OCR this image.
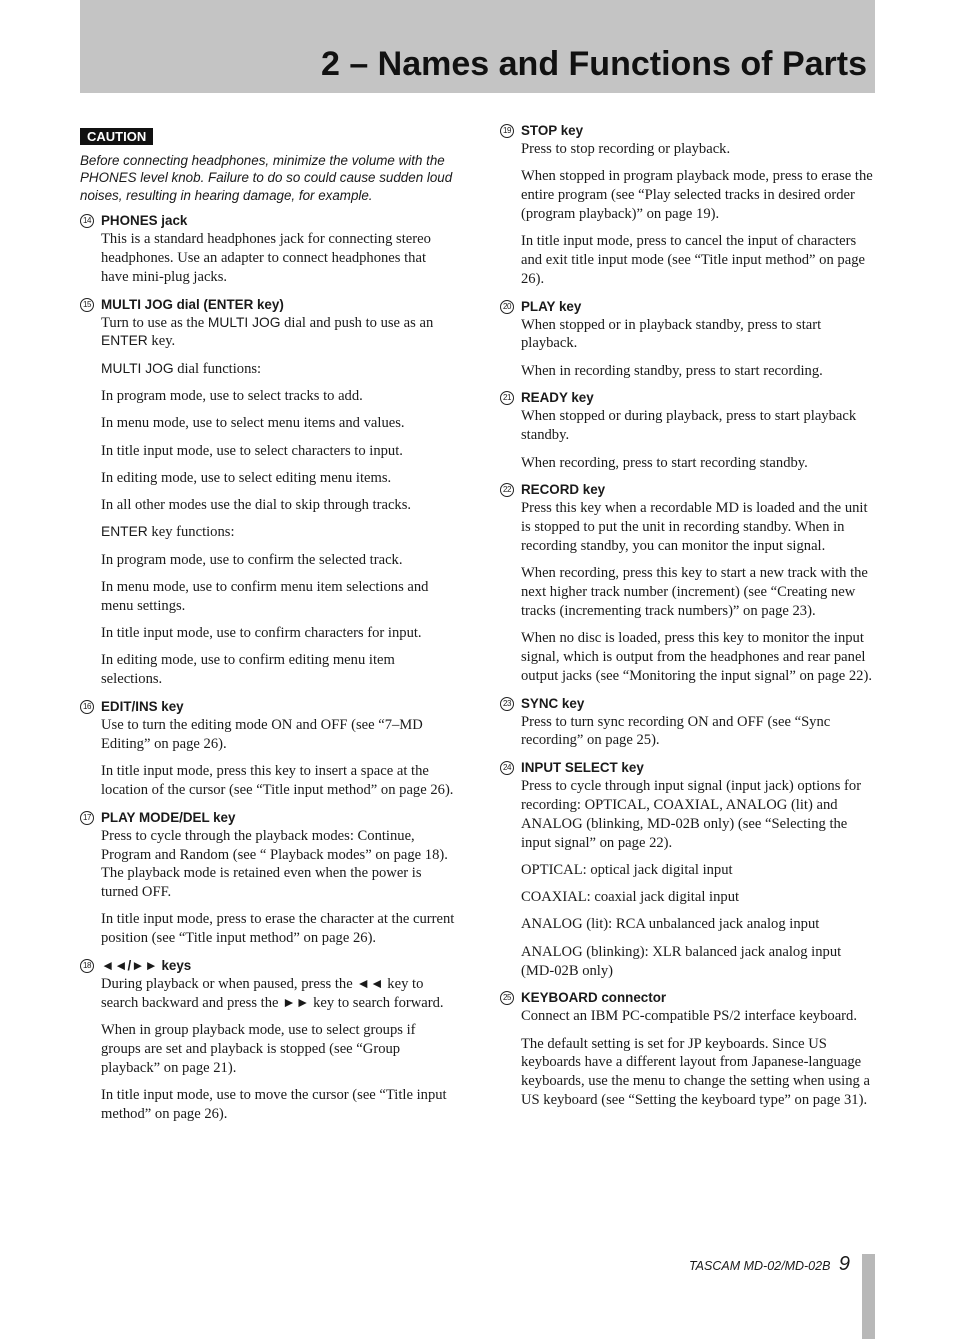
2 – Names and Functions of Parts
CAUTION

Before connecting headphones, minimize the volume with the PHONES level knob. Failure to do so could cause sudden loud noises, resulting in hearing damage, for example.

14 PHONES jack

This is a standard headphones jack for connecting stereo headphones. Use an adapter to connect headphones that have mini-plug jacks.

15 MULTI JOG dial (ENTER key)

Turn to use as the MULTI JOG dial and push to use as an ENTER key.

MULTI JOG dial functions:

In program mode, use to select tracks to add.

In menu mode, use to select menu items and values.

In title input mode, use to select characters to input.

In editing mode, use to select editing menu items.

In all other modes use the dial to skip through tracks.

ENTER key functions:

In program mode, use to confirm the selected track.

In menu mode, use to confirm menu item selections and menu settings.

In title input mode, use to confirm characters for input.

In editing mode, use to confirm editing menu item selections.

16 EDIT/INS key

Use to turn the editing mode ON and OFF (see “7–MD Editing” on page 26).

In title input mode, press this key to insert a space at the location of the cursor (see “Title input method” on page 26).

17 PLAY MODE/DEL key

Press to cycle through the playback modes: Continue, Program and Random (see “ Playback modes” on page 18). The playback mode is retained even when the power is turned OFF.

In title input mode, press to erase the character at the current position (see “Title input method” on page 26).

18 ◄◄/►► keys

During playback or when paused, press the ◄◄ key to search backward and press the ►► key to search forward.

When in group playback mode, use to select groups if groups are set and playback is stopped (see “Group playback” on page 21).

In title input mode, use to move the cursor (see “Title input method” on page 26).

19 STOP key

Press to stop recording or playback.

When stopped in program playback mode, press to erase the entire program (see “Play selected tracks in desired order (program playback)” on page 19).

In title input mode, press to cancel the input of characters and exit title input mode (see “Title input method” on page 26).

20 PLAY key

When stopped or in playback standby, press to start playback.

When in recording standby, press to start recording.

21 READY key

When stopped or during playback, press to start playback standby.

When recording, press to start recording standby.

22 RECORD key

Press this key when a recordable MD is loaded and the unit is stopped to put the unit in recording standby. When in recording standby, you can monitor the input signal.

When recording, press this key to start a new track with the next higher track number (increment) (see “Creating new tracks (incrementing track numbers)” on page 23).

When no disc is loaded, press this key to monitor the input signal, which is output from the headphones and rear panel output jacks (see “Monitoring the input signal” on page 22).

23 SYNC key

Press to turn sync recording ON and OFF (see “Sync recording” on page 25).

24 INPUT SELECT key

Press to cycle through input signal (input jack) options for recording: OPTICAL, COAXIAL, ANALOG (lit) and ANALOG (blinking, MD-02B only) (see “Selecting the input signal” on page 22).

OPTICAL: optical jack digital input

COAXIAL: coaxial jack digital input

ANALOG (lit): RCA unbalanced jack analog input

ANALOG (blinking): XLR balanced jack analog input (MD-02B only)

25 KEYBOARD connector

Connect an IBM PC-compatible PS/2 interface keyboard.

The default setting is set for JP keyboards. Since US keyboards have a different layout from Japanese-language keyboards, use the menu to change the setting when using a US keyboard (see “Setting the keyboard type” on page 31).

TASCAM MD-02/MD-02B 9
